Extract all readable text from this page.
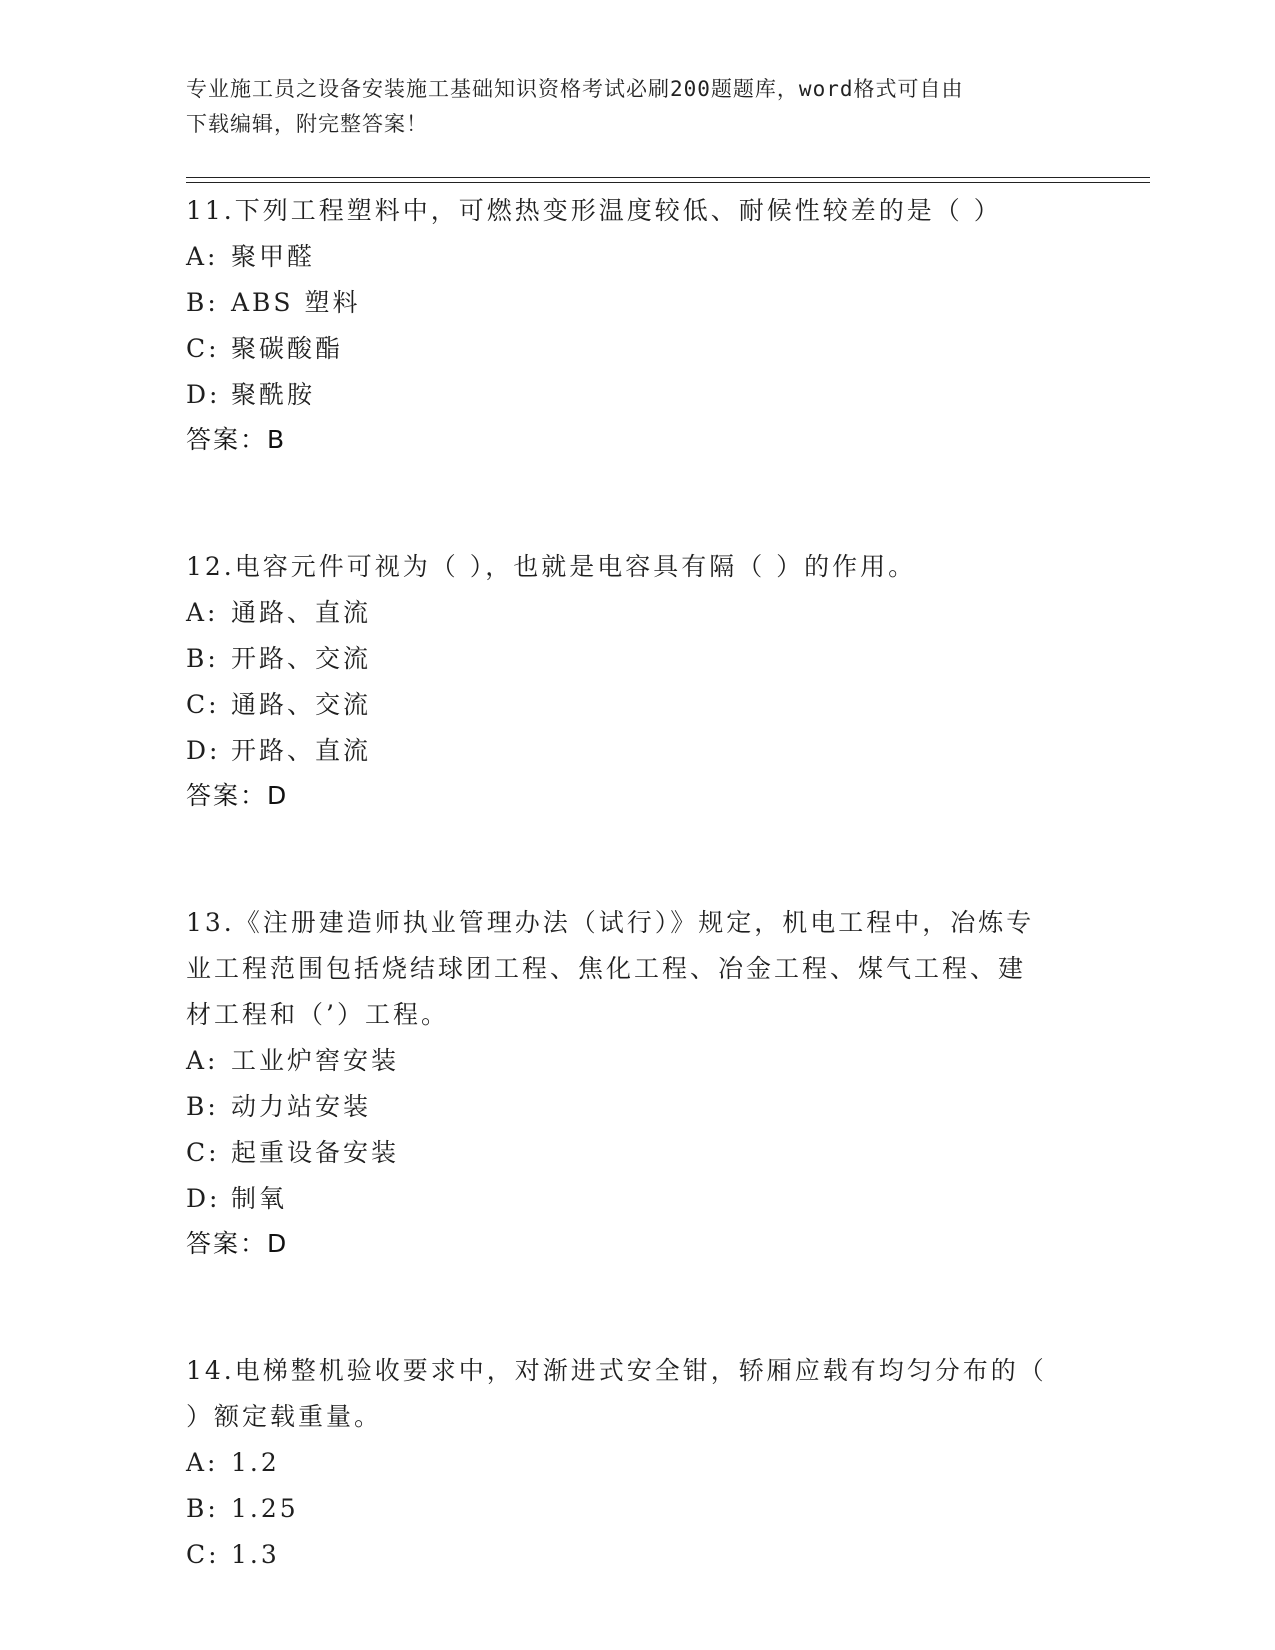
专业施工员之设备安装施工基础知识资格考试必刷200题题库，word格式可自由
下载编辑，附完整答案！
11.下列工程塑料中，可燃热变形温度较低、耐候性较差的是（ ）
A: 聚甲醛
B: ABS 塑料
C: 聚碳酸酯
D: 聚酰胺
答案：B
12.电容元件可视为（ ），也就是电容具有隔（ ）的作用。
A: 通路、直流
B: 开路、交流
C: 通路、交流
D: 开路、直流
答案：D
13.《注册建造师执业管理办法（试行）》规定，机电工程中，冶炼专
业工程范围包括烧结球团工程、焦化工程、冶金工程、煤气工程、建
材工程和（’）工程。
A: 工业炉窖安装
B: 动力站安装
C: 起重设备安装
D: 制氧
答案：D
14.电梯整机验收要求中，对渐进式安全钳，轿厢应载有均匀分布的（
）额定载重量。
A: 1.2
B: 1.25
C: 1.3
